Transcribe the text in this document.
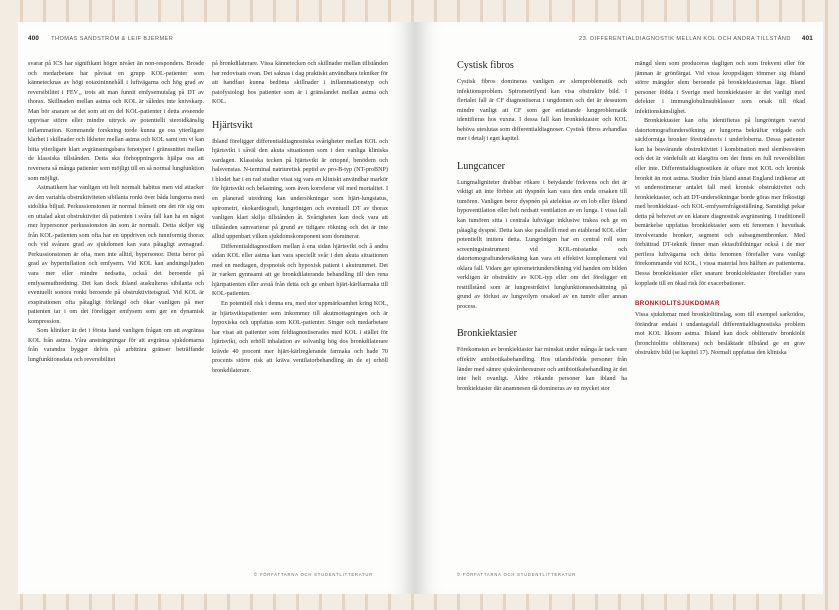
400 THOMAS SANDSTRÖM & LEIF BJERMER

svarar på ICS har signifikant högre nivåer än non-responders. Brosde och medarbetare har påvisat en grupp KOL-patienter som kännetecknas av högt eotaxininnehåll i luftvägarna och hög grad av reversibilitet i FEV₁, trots att man funnit emfysemutslag på DT av thorax. Skillnaden mellan astma och KOL är således inte knivskarp. Man bör snarare se det som att en del KOL-patienter i detta avseende uppvisar större eller mindre uttryck av potentiellt steroidkänslig inflammation. Kommande forskning torde kunna ge oss ytterligare klarhet i skillnader och likheter mellan astma och KOL samt om vi kan hitta ytterligare klart avgränsningsbara fenotyper i gränssnittet mellan de klassiska tillstånden. Detta ska förhoppningsvis hjälpa oss att reversera så många patienter som möjligt till en så normal lungfunktion som möjligt.

Astmatikern har vanligen ett helt normalt habitus men vid attacker av den variabla obstruktiviteten sibilanta ronki över båda lungorna med sidolika biljud. Perkussionstonen är normal frånsett om det rör sig om en uttalad akut obstruktivitet då patienten i svåra fall kan ha en något mer hypersonor perkussionston än som är normalt. Detta skiljer sig från KOL-patienten som ofta har en uppdriven och tunnformig thorax och vid svårare grad av sjukdomen kan vara påtagligt avmagrad. Perkussionstonen är ofta, men inte alltid, hypersonor. Detta beror på grad av hyperinflation och emfysem. Vid KOL kan andningsljuden vara mer eller mindre nedsatta, också det beroende på emfysemutbredning. Det kan dock ibland auskulteras sibilanta och eventuellt sonora ronki beroende på obstruktivitetsgrad. Vid KOL är exspirationen ofta påtagligt förlängd och ökar vanligen på mer patienten tar i om det föreligger emfysem som ger en dynamisk kompression.

Som kliniker är det i första hand vanligen frågan om att avgränsa KOL från astma. Våra ansträngningar för att avgränsa sjukdomarna från varandra bygger delvis på arbiträra gränser beträffande lungfunktionsdata och reversibilitet

på bronkdilaterare. Vissa kännetecken och skillnader mellan tillstånden har redovisats ovan. Det saknas i dag praktiskt användbara tekniker för att handfast kunna bedöma skillnader i inflammationstyp och patofysiologi hos patienter som är i gränslandet mellan astma och KOL.

Hjärtsvikt

Ibland föreligger differentialdiagnostiska svårigheter mellan KOL och hjärtsvikt i såväl den akuta situationen som i den vanliga kliniska vardagen. Klassiska tecken på hjärtsvikt är ortopné, benödem och halsvenstas. N-terminal natriuretisk peptid av pro-B-typ (NT-proBNP) i blodet har i en rad studier visat sig vara en kliniskt användbar markör för hjärtsvikt och belastning, som även korrelerar väl med mortalitet. I en planerad utredning kan undersökningar som hjärt-lungstatus, spirometri, ekokardiografi, lungröntgen och eventuell DT av thorax vanligen klart skilja tillstånden åt. Svårigheten kan dock vara att tillstånden samvarierar på grund av tidigare rökning och det är inte alltid uppenbart vilken sjukdomskomponent som dominerar.

Differentialdiagnostiken mellan å ena sidan hjärtsvikt och å andra sidan KOL eller astma kan vara speciellt svår i den akuta situationen med en medtagen, dyspnoisk och hypoxisk patient i akutrummet. Det är varken gynnsamt att ge bronkdilaterande behandling till den rena hjärtpatienten eller avstå från detta och ge enbart hjärt-kärlfarmaka till KOL-patienten.

En potentiell risk i denna era, med stor uppmärksamhet kring KOL, är hjärtsviktspatienter som inkommer till akutmottagningen och är hypoxiska och uppfattas som KOL-patienter. Singer och medarbetare har visat att patienter som feldiagnostiserades med KOL i stället för hjärtsvikt, och erhöll inhalation av solvanlig hög dos bronkdilaterare krävde 40 procent mer hjärt-kärlreglerande farmaka och hade 70 procents större risk att kräva ventilatorbehandling än de ej erhöll bronkdilaterare.

© FÖRFATTARNA OCH STUDENTLITTERATUR
23. DIFFERENTIALDIAGNOSTIK MELLAN KOL OCH ANDRA TILLSTÅND 401
Cystisk fibros

Cystisk fibros domineras vanligen av slemproblematik och infektionsproblem. Spirometrifynd kan visa obstruktiv bild. I flertalet fall är CF diagnostiserat i ungdomen och det är dessutom mindre vanligt att CF som ger enfattande lungproblematik identifieras hos vuxna. I dessa fall kan bronkiektasier och KOL behöva uteslutas som differentialdiagnoser. Cystisk fibros avhandlas mer i detalj i eget kapitel.

Lungcancer

Lungmaligniteter drabbar rökare i betydande frekvens och det är viktigt att inte förbise att dyspnén kan vara den enda orsaken till tumören. Vanligen beror dyspnén på atelektas av en lob eller ibland hypoventilation eller helt nedsatt ventilation av en lunga. I vissa fall kan tumören sitta i centrala luftvägar inklusive trakea och ge en påtaglig dyspné. Detta kan ske parallellt med en etablerad KOL eller potentiellt imitera detta. Lungröntgen har en central roll som screeningsinstrument vid KOL-misstanke och datortomografiundersökning kan vara ett effektivt komplement vid oklara fall. Vidare ger spirometriundersökning vid handen om bilden verkligen är obstruktiv av KOL-typ eller om det föreligger ett resttillstånd som är lungrestriktivt lungfunktionsnedsättning på grund av förlust av lungvolym orsakad av en tumör eller annan process.

Bronkiektasier

Förekomsten av bronkiektasier har minskat under många år tack vare effektiv antibiotikabehandling. Hos utlandsfödda personer från länder med sämre sjukvårdsresurser och antibiotikabehandling är det inte helt ovanligt. Äldre rökande personer kan ibland ha bronkiektasier där anamnesen då domineras av en mycket stor

mängd slem som produceras dagligen och som frekvent eller för jämnan är grönfärgat. Vid vissa kroppslägen tömmer sig ibland större mängder slem beroende på bronkiektasiernas läge. Bland personer födda i Sverige med bronkiektasier är det vanligt med defekter i immunglobulinsubklasser som orsak till ökad infektionskänslighet.

Bronkiektasier kan ofta identifieras på lungröntgen varvid datortomografiundersökning av lungorna bekräftar vidgade och säckformiga bronker företrädesvis i underloberna. Dessa patienter kan ha besvärande obstruktivitet i kombination med slembesvären och det är värdefullt att klargöra om det finns en full reversibilitet eller inte. Differentialdiagnostiken är oftare mot KOL och kronisk bronkit än mot astma. Studier från bland annat England indikerar att vi underestimerar antalet fall med kronisk obstruktivitet och bronkiektasier, och att DT-undersökningar borde göras mer frikostigt med bronkiektasi- och KOL-emfysemfrågeställning. Samtidigt pekar detta på behovet av en klarare diagnostisk avgränsning. I traditionell bemärkelse uppfattas bronkiektasier som ett fenomen i huvudsak involverande bronker, segment och subsegmentbronker. Med förbättrad DT-teknik finner man ektasibildningar också i de mer perifera luftvägarna och detta fenomen förefaller vara vanligt förekommande vid KOL, i vissa material hos hälften av patienterna. Dessa bronkiektasier eller snarare bronkiolektasier förefaller vara kopplade till en ökad risk för exacerbationer.

BRONKIOLITSJUKDOMAR

Vissa sjukdomar med bronkiolitinslag, som till exempel sarkoidos, förändrar endast i undantagsfall differentialdiagnostiska problem mot KOL liksom astma. Ibland kan dock obliterativ bronkiolit (bronchiolitis obliterans) och besläktade tillstånd ge en grav obstruktiv bild (se kapitel 17). Normalt uppfattas den kliniska

© FÖRFATTARNA OCH STUDENTLITTERATUR
